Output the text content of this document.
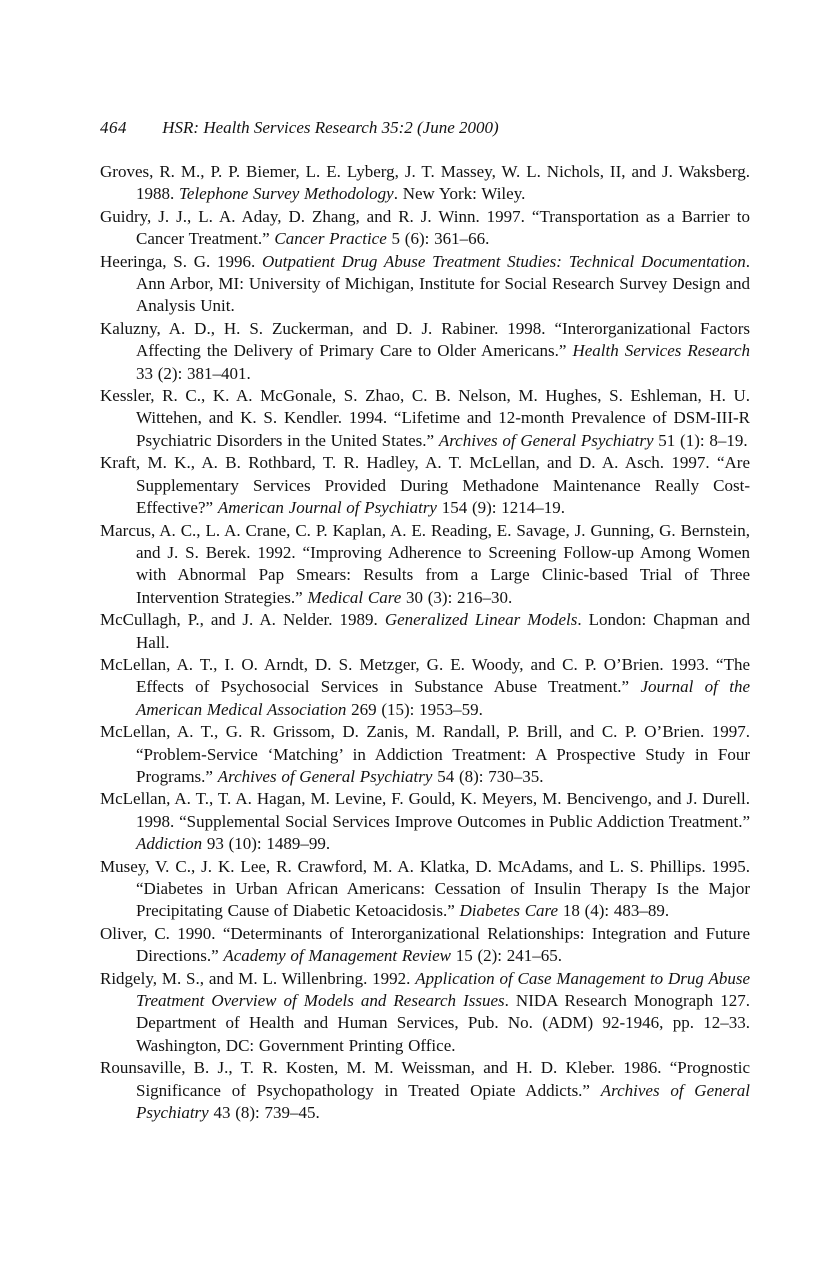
464 HSR: Health Services Research 35:2 (June 2000)

Groves, R. M., P. P. Biemer, L. E. Lyberg, J. T. Massey, W. L. Nichols, II, and J. Waksberg. 1988. Telephone Survey Methodology. New York: Wiley.

Guidry, J. J., L. A. Aday, D. Zhang, and R. J. Winn. 1997. “Transportation as a Barrier to Cancer Treatment.” Cancer Practice 5 (6): 361–66.

Heeringa, S. G. 1996. Outpatient Drug Abuse Treatment Studies: Technical Documentation. Ann Arbor, MI: University of Michigan, Institute for Social Research Survey Design and Analysis Unit.

Kaluzny, A. D., H. S. Zuckerman, and D. J. Rabiner. 1998. “Interorganizational Factors Affecting the Delivery of Primary Care to Older Americans.” Health Services Research 33 (2): 381–401.

Kessler, R. C., K. A. McGonale, S. Zhao, C. B. Nelson, M. Hughes, S. Eshleman, H. U. Wittehen, and K. S. Kendler. 1994. “Lifetime and 12-month Prevalence of DSM-III-R Psychiatric Disorders in the United States.” Archives of General Psychiatry 51 (1): 8–19.

Kraft, M. K., A. B. Rothbard, T. R. Hadley, A. T. McLellan, and D. A. Asch. 1997. “Are Supplementary Services Provided During Methadone Maintenance Really Cost-Effective?” American Journal of Psychiatry 154 (9): 1214–19.

Marcus, A. C., L. A. Crane, C. P. Kaplan, A. E. Reading, E. Savage, J. Gunning, G. Bernstein, and J. S. Berek. 1992. “Improving Adherence to Screening Follow-up Among Women with Abnormal Pap Smears: Results from a Large Clinic-based Trial of Three Intervention Strategies.” Medical Care 30 (3): 216–30.

McCullagh, P., and J. A. Nelder. 1989. Generalized Linear Models. London: Chapman and Hall.

McLellan, A. T., I. O. Arndt, D. S. Metzger, G. E. Woody, and C. P. O’Brien. 1993. “The Effects of Psychosocial Services in Substance Abuse Treatment.” Journal of the American Medical Association 269 (15): 1953–59.

McLellan, A. T., G. R. Grissom, D. Zanis, M. Randall, P. Brill, and C. P. O’Brien. 1997. “Problem-Service ‘Matching’ in Addiction Treatment: A Prospective Study in Four Programs.” Archives of General Psychiatry 54 (8): 730–35.

McLellan, A. T., T. A. Hagan, M. Levine, F. Gould, K. Meyers, M. Bencivengo, and J. Durell. 1998. “Supplemental Social Services Improve Outcomes in Public Addiction Treatment.” Addiction 93 (10): 1489–99.

Musey, V. C., J. K. Lee, R. Crawford, M. A. Klatka, D. McAdams, and L. S. Phillips. 1995. “Diabetes in Urban African Americans: Cessation of Insulin Therapy Is the Major Precipitating Cause of Diabetic Ketoacidosis.” Diabetes Care 18 (4): 483–89.

Oliver, C. 1990. “Determinants of Interorganizational Relationships: Integration and Future Directions.” Academy of Management Review 15 (2): 241–65.

Ridgely, M. S., and M. L. Willenbring. 1992. Application of Case Management to Drug Abuse Treatment Overview of Models and Research Issues. NIDA Research Monograph 127. Department of Health and Human Services, Pub. No. (ADM) 92-1946, pp. 12–33. Washington, DC: Government Printing Office.

Rounsaville, B. J., T. R. Kosten, M. M. Weissman, and H. D. Kleber. 1986. “Prognostic Significance of Psychopathology in Treated Opiate Addicts.” Archives of General Psychiatry 43 (8): 739–45.
